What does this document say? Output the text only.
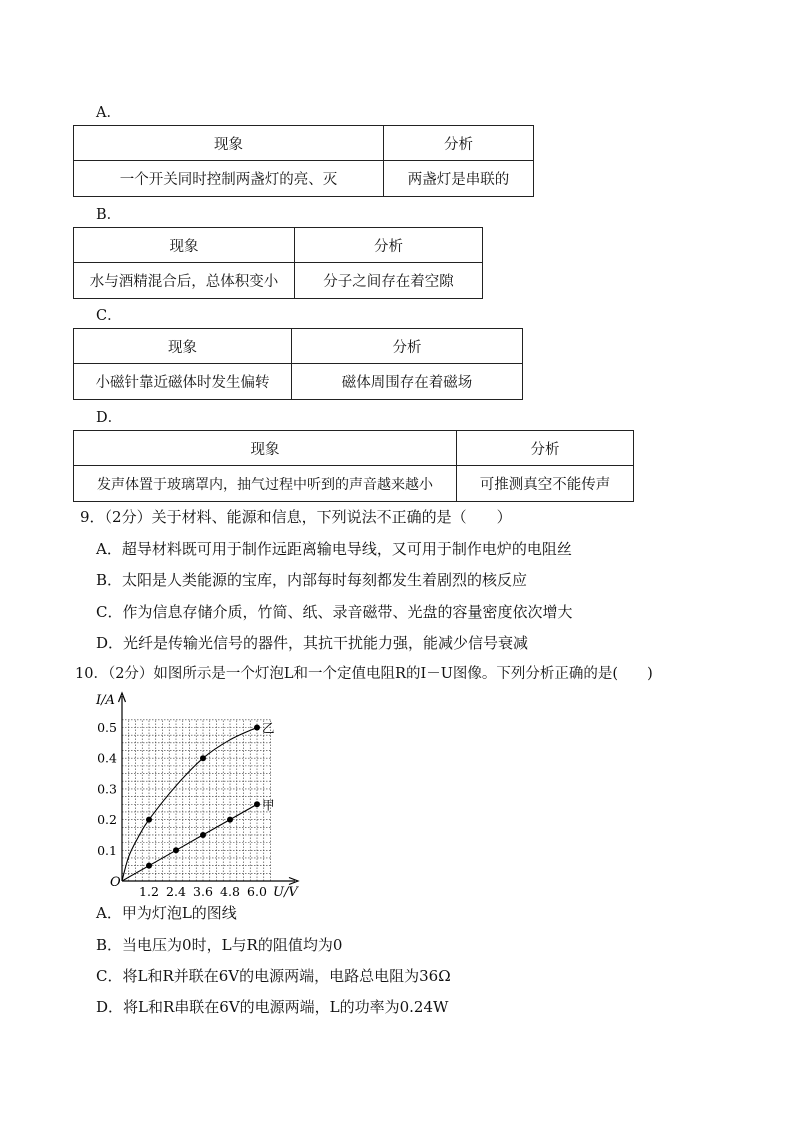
A．
现象	分析
一个开关同时控制两盏灯的亮、灭	两盏灯是串联的
B．
现象	分析
水与酒精混合后，总体积变小	分子之间存在着空隙
C．
现象	分析
小磁针靠近磁体时发生偏转	磁体周围存在着磁场
D．
现象	分析
发声体置于玻璃罩内，抽气过程中听到的声音越来越小	可推测真空不能传声
9．（2分）关于材料、能源和信息，下列说法不正确的是（　　）
A．超导材料既可用于制作远距离输电导线，又可用于制作电炉的电阻丝
B．太阳是人类能源的宝库，内部每时每刻都发生着剧烈的核反应
C．作为信息存储介质，竹简、纸、录音磁带、光盘的容量密度依次增大
D．光纤是传输光信号的器件，其抗干扰能力强，能减少信号衰减
10．（2分）如图所示是一个灯泡L和一个定值电阻R的I－U图像。下列分析正确的是(　　)
1.2 2.4 3.6 4.8 6.0
0.1
0.2
0.3
0.4
0.5
O
I/A
U/V
甲
乙
A．甲为灯泡L的图线
B．当电压为0时，L与R的阻值均为0
C．将L和R并联在6V的电源两端，电路总电阻为36Ω
D．将L和R串联在6V的电源两端，L的功率为0.24W
